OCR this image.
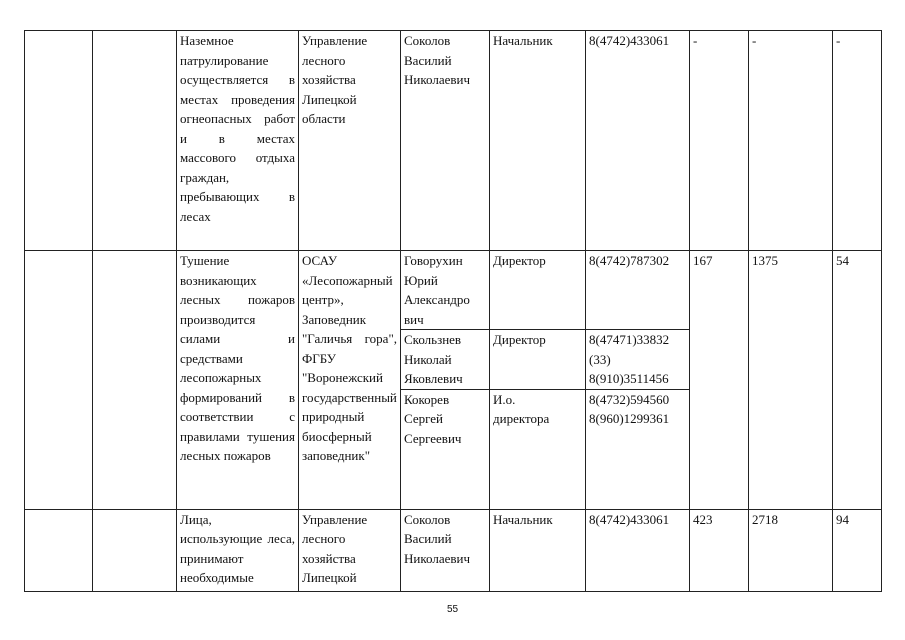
		Наземное патрулирование осуществляется в местах проведения огнеопасных работ и в местах массового отдыха граждан, пребывающих в лесах	Управление лесного хозяйства Липецкой области	Соколов
Василий
Николаевич	Начальник	8(4742)433061	-	-	-
		Тушение возникающих лесных пожаров производится силами и средствами лесопожарных формирований в соответствии с правилами тушения лесных пожаров	ОСАУ «Лесопожарный центр», Заповедник "Галичья гора", ФГБУ "Воронежский государственный природный биосферный заповедник"	Говорухин
Юрий
Александро
вич	Директор	8(4742)787302	167	1375	54
				Скользнев
Николай
Яковлевич	Директор	8(47471)33832
(33)
8(910)3511456			
				Кокорев
Сергей
Сергеевич	И.о.
директора	8(4732)594560
8(960)1299361			
		Лица, использующие леса, принимают необходимые	Управление лесного хозяйства Липецкой	Соколов
Василий
Николаевич	Начальник	8(4742)433061	423	2718	94
55
